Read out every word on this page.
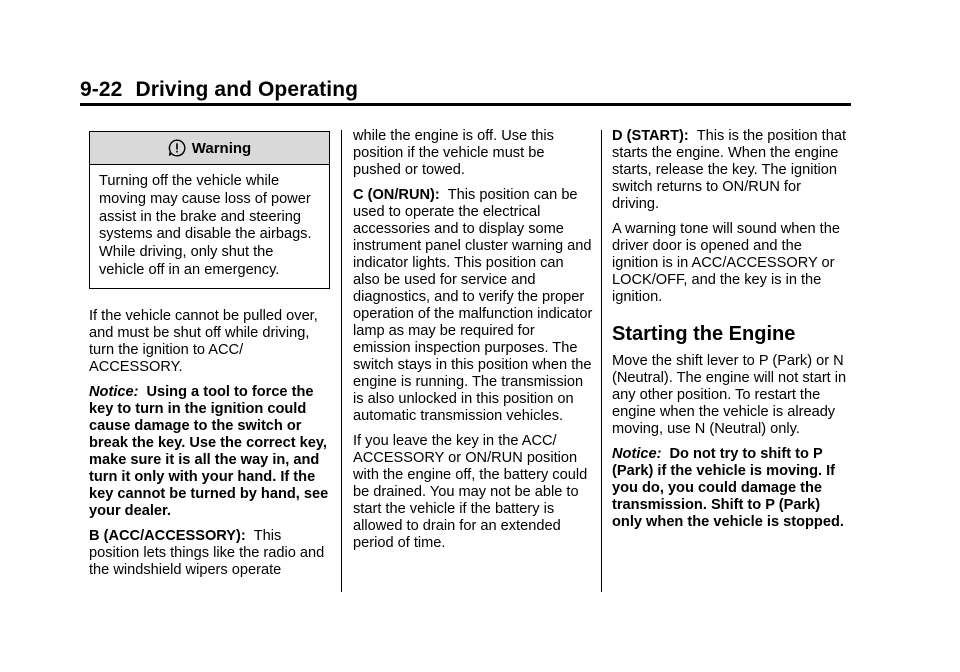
9-22 Driving and Operating
Warning
Turning off the vehicle while moving may cause loss of power assist in the brake and steering systems and disable the airbags. While driving, only shut the vehicle off in an emergency.

If the vehicle cannot be pulled over, and must be shut off while driving, turn the ignition to ACC/ ACCESSORY.

Notice: Using a tool to force the key to turn in the ignition could cause damage to the switch or break the key. Use the correct key, make sure it is all the way in, and turn it only with your hand. If the key cannot be turned by hand, see your dealer.

B (ACC/ACCESSORY): This position lets things like the radio and the windshield wipers operate

while the engine is off. Use this position if the vehicle must be pushed or towed.

C (ON/RUN): This position can be used to operate the electrical accessories and to display some instrument panel cluster warning and indicator lights. This position can also be used for service and diagnostics, and to verify the proper operation of the malfunction indicator lamp as may be required for emission inspection purposes. The switch stays in this position when the engine is running. The transmission is also unlocked in this position on automatic transmission vehicles.

If you leave the key in the ACC/ ACCESSORY or ON/RUN position with the engine off, the battery could be drained. You may not be able to start the vehicle if the battery is allowed to drain for an extended period of time.

D (START): This is the position that starts the engine. When the engine starts, release the key. The ignition switch returns to ON/RUN for driving.

A warning tone will sound when the driver door is opened and the ignition is in ACC/ACCESSORY or LOCK/OFF, and the key is in the ignition.

Starting the Engine

Move the shift lever to P (Park) or N (Neutral). The engine will not start in any other position. To restart the engine when the vehicle is already moving, use N (Neutral) only.

Notice: Do not try to shift to P (Park) if the vehicle is moving. If you do, you could damage the transmission. Shift to P (Park) only when the vehicle is stopped.
